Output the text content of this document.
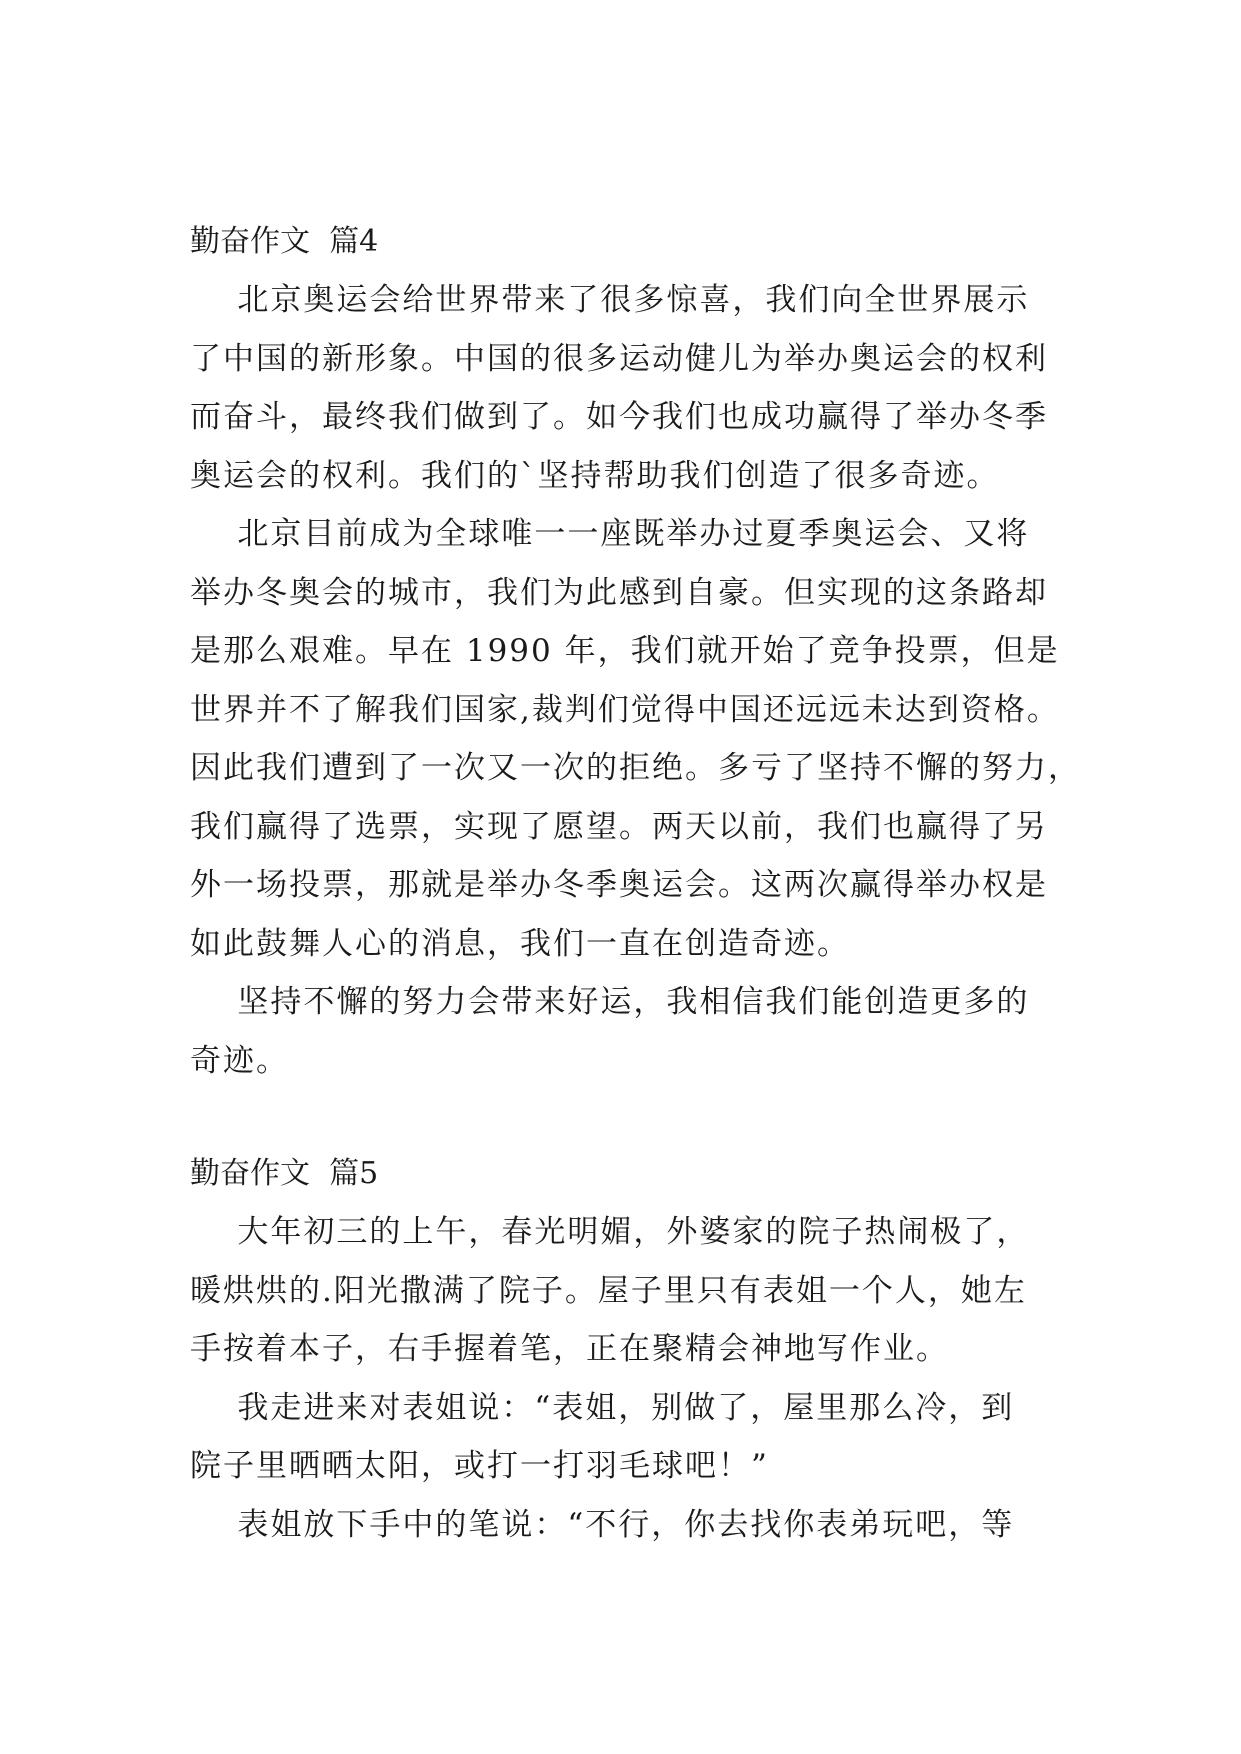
勤奋作文  篇4

北京奥运会给世界带来了很多惊喜，我们向全世界展示

了中国的新形象。中国的很多运动健儿为举办奥运会的权利

而奋斗，最终我们做到了。如今我们也成功赢得了举办冬季

奥运会的权利。我们的`坚持帮助我们创造了很多奇迹。

北京目前成为全球唯一一座既举办过夏季奥运会、又将

举办冬奥会的城市，我们为此感到自豪。但实现的这条路却

是那么艰难。早在 1990 年，我们就开始了竞争投票，但是

世界并不了解我们国家,裁判们觉得中国还远远未达到资格。

因此我们遭到了一次又一次的拒绝。多亏了坚持不懈的努力，

我们赢得了选票，实现了愿望。两天以前，我们也赢得了另

外一场投票，那就是举办冬季奥运会。这两次赢得举办权是

如此鼓舞人心的消息，我们一直在创造奇迹。

坚持不懈的努力会带来好运，我相信我们能创造更多的

奇迹。

勤奋作文  篇5

大年初三的上午，春光明媚，外婆家的院子热闹极了，

暖烘烘的.阳光撒满了院子。屋子里只有表姐一个人，她左

手按着本子，右手握着笔，正在聚精会神地写作业。

我走进来对表姐说：“表姐，别做了，屋里那么冷，到

院子里晒晒太阳，或打一打羽毛球吧！”

表姐放下手中的笔说：“不行，你去找你表弟玩吧，等
